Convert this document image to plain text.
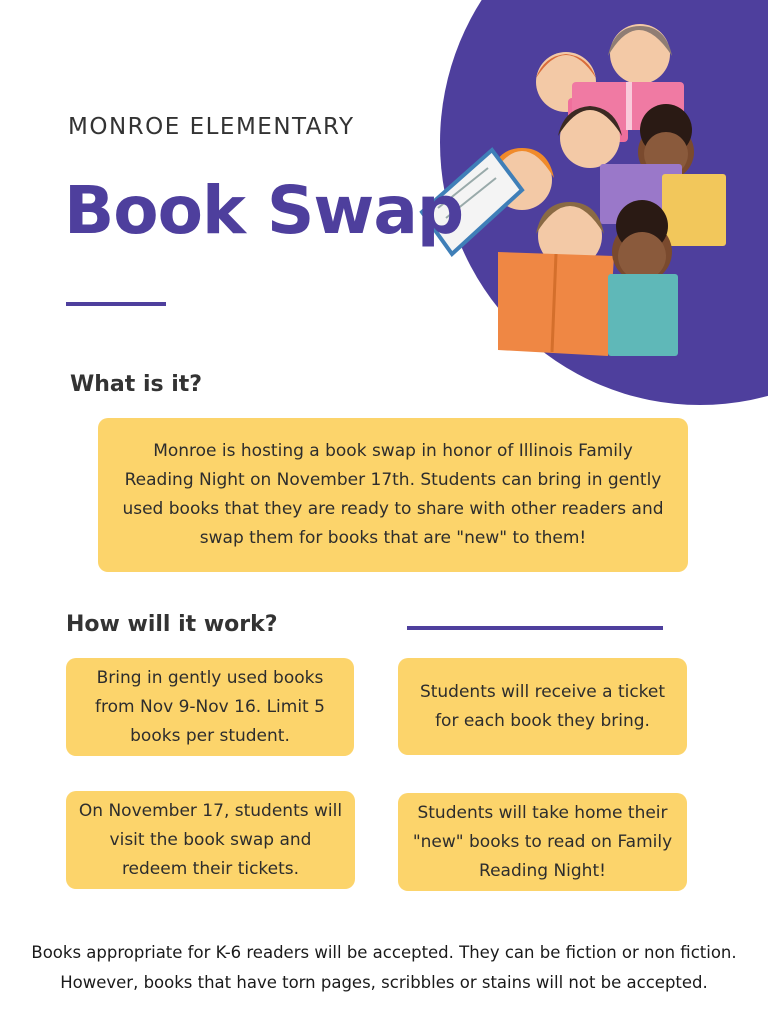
MONROE ELEMENTARY
Book Swap
What is it?
Monroe is hosting a book swap in honor of Illinois Family Reading Night on November 17th. Students can bring in gently used books that they are ready to share with other readers and swap them for books that are "new" to them!
How will it work?
Bring in gently used books from Nov 9-Nov 16. Limit 5 books per student.
Students will receive a ticket for each book they bring.
On November 17, students will visit the book swap and redeem their tickets.
Students will take home their "new" books to read on Family Reading Night!
Books appropriate for K-6 readers will be accepted. They can be fiction or non fiction.
However, books that have torn pages, scribbles or stains will not be accepted.
